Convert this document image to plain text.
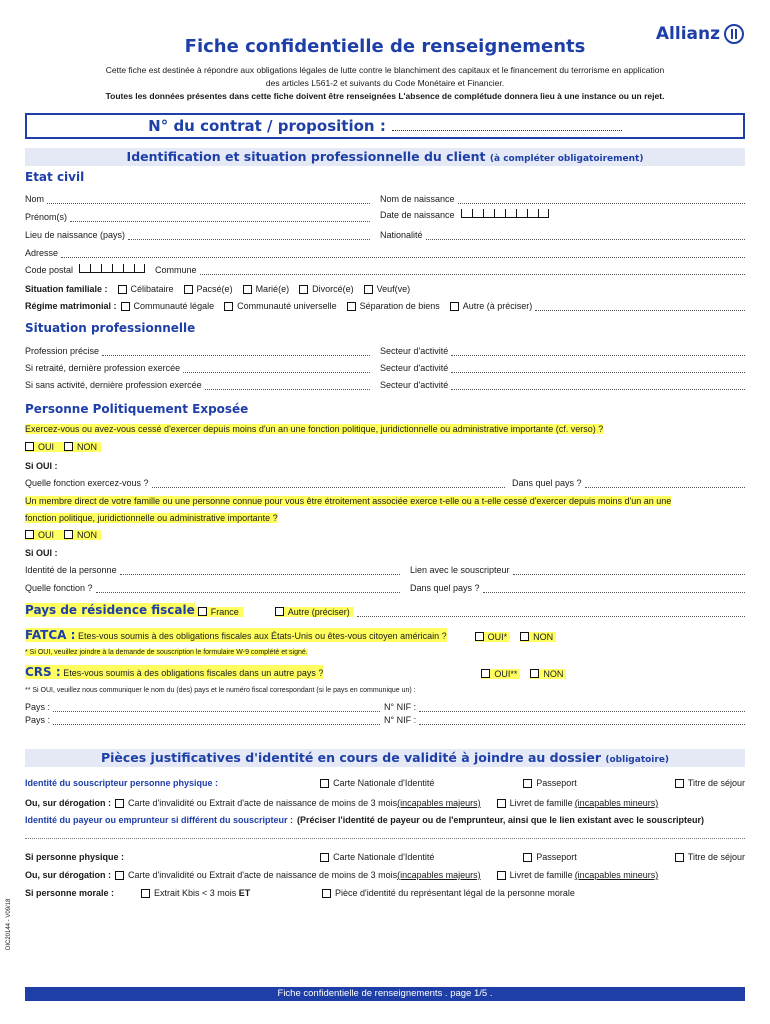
Allianz
Fiche confidentielle de renseignements
Cette fiche est destinée à répondre aux obligations légales de lutte contre le blanchiment des capitaux et le financement du terrorisme en application
des articles L561-2 et suivants du Code Monétaire et Financier.
Toutes les données présentes dans cette fiche doivent être renseignées L'absence de complétude donnera lieu à une instance ou un rejet.
N° du contrat / proposition :
Identification et situation professionnelle du client (à compléter obligatoirement)
Etat civil
Nom	Nom de naissance
Prénom(s)	Date de naissance
Lieu de naissance (pays)	Nationalité
Adresse
Code postal	Commune
Situation familiale :	Célibataire	Pacsé(e)	Marié(e)	Divorcé(e)	Veuf(ve)
Régime matrimonial : Communauté légale	Communauté universelle	Séparation de biens	Autre (à préciser)
Situation professionnelle
Profession précise	Secteur d'activité
Si retraité, dernière profession exercée	Secteur d'activité
Si sans activité, dernière profession exercée	Secteur d'activité
Personne Politiquement Exposée
Exercez-vous ou avez-vous cessé d'exercer depuis moins d'un an une fonction politique, juridictionnelle ou administrative importante (cf. verso) ?
OUI	NON
Si OUI :
Quelle fonction exercez-vous ?	Dans quel pays ?
Un membre direct de votre famille ou une personne connue pour vous être étroitement associée exerce t-elle ou a t-elle cessé d'exercer depuis moins d'un an une
fonction politique, juridictionnelle ou administrative importante ?
OUI	NON
Si OUI :
Identité de la personne	Lien avec le souscripteur
Quelle fonction ?	Dans quel pays ?
Pays de résidence fiscale	France	Autre (préciser)
FATCA : Etes-vous soumis à des obligations fiscales aux États-Unis ou êtes-vous citoyen américain ?	OUI*	NON
* Si OUI, veuillez joindre à la demande de souscription le formulaire W-9 complété et signé.
CRS : Etes-vous soumis à des obligations fiscales dans un autre pays ?	OUI**	NON
** Si OUI, veuillez nous communiquer le nom du (des) pays et le numéro fiscal correspondant (si le pays en communique un) :
Pays :	N° NIF :
Pays :	N° NIF :
Pièces justificatives d'identité en cours de validité à joindre au dossier (obligatoire)
Identité du souscripteur personne physique :	Carte Nationale d'Identité	Passeport	Titre de séjour
Ou, sur dérogation : Carte d'invalidité ou Extrait d'acte de naissance de moins de 3 mois (incapables majeurs)	Livret de famille (incapables mineurs)
Identité du payeur ou emprunteur si différent du souscripteur : (Préciser l'identité de payeur ou de l'emprunteur, ainsi que le lien existant avec le souscripteur)
Si personne physique :	Carte Nationale d'Identité	Passeport	Titre de séjour
Ou, sur dérogation : Carte d'invalidité ou Extrait d'acte de naissance de moins de 3 mois (incapables majeurs)	Livret de famille (incapables mineurs)
Si personne morale :	Extrait Kbis < 3 mois ET	Pièce d'identité du représentant légal de la personne morale
DIC20144 - V09/18
Fiche confidentielle de renseignements . page 1/5 .
